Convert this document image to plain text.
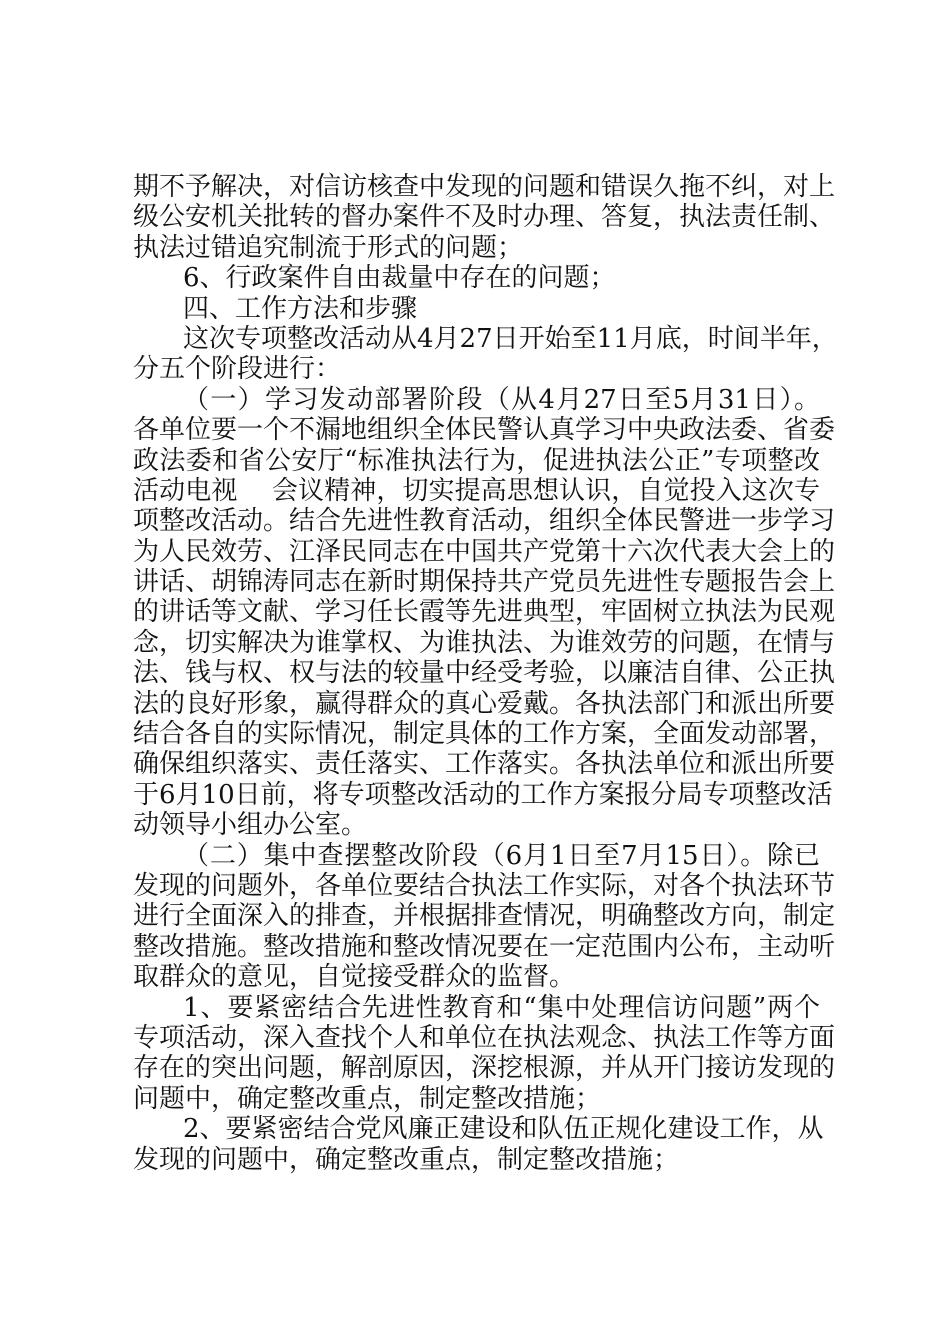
期不予解决，对信访核查中发现的问题和错误久拖不纠，对上
级公安机关批转的督办案件不及时办理、答复，执法责任制、
执法过错追究制流于形式的问题；
6、行政案件自由裁量中存在的问题；
四、工作方法和步骤
这次专项整改活动从4月27日开始至11月底，时间半年，
分五个阶段进行：
（一）学习发动部署阶段（从4月27日至5月31日）。
各单位要一个不漏地组织全体民警认真学习中央政法委、省委
政法委和省公安厅“标准执法行为，促进执法公正”专项整改
活动电视　 会议精神，切实提高思想认识，自觉投入这次专
项整改活动。结合先进性教育活动，组织全体民警进一步学习
为人民效劳、江泽民同志在中国共产党第十六次代表大会上的
讲话、胡锦涛同志在新时期保持共产党员先进性专题报告会上
的讲话等文献、学习任长霞等先进典型，牢固树立执法为民观
念，切实解决为谁掌权、为谁执法、为谁效劳的问题，在情与
法、钱与权、权与法的较量中经受考验，以廉洁自律、公正执
法的良好形象，赢得群众的真心爱戴。各执法部门和派出所要
结合各自的实际情况，制定具体的工作方案，全面发动部署，
确保组织落实、责任落实、工作落实。各执法单位和派出所要
于6月10日前，将专项整改活动的工作方案报分局专项整改活
动领导小组办公室。
（二）集中查摆整改阶段（6月1日至7月15日）。除已
发现的问题外，各单位要结合执法工作实际，对各个执法环节
进行全面深入的排查，并根据排查情况，明确整改方向，制定
整改措施。整改措施和整改情况要在一定范围内公布，主动听
取群众的意见，自觉接受群众的监督。
1、要紧密结合先进性教育和“集中处理信访问题”两个
专项活动，深入查找个人和单位在执法观念、执法工作等方面
存在的突出问题，解剖原因，深挖根源，并从开门接访发现的
问题中，确定整改重点，制定整改措施；
2、要紧密结合党风廉正建设和队伍正规化建设工作，从
发现的问题中，确定整改重点，制定整改措施；
